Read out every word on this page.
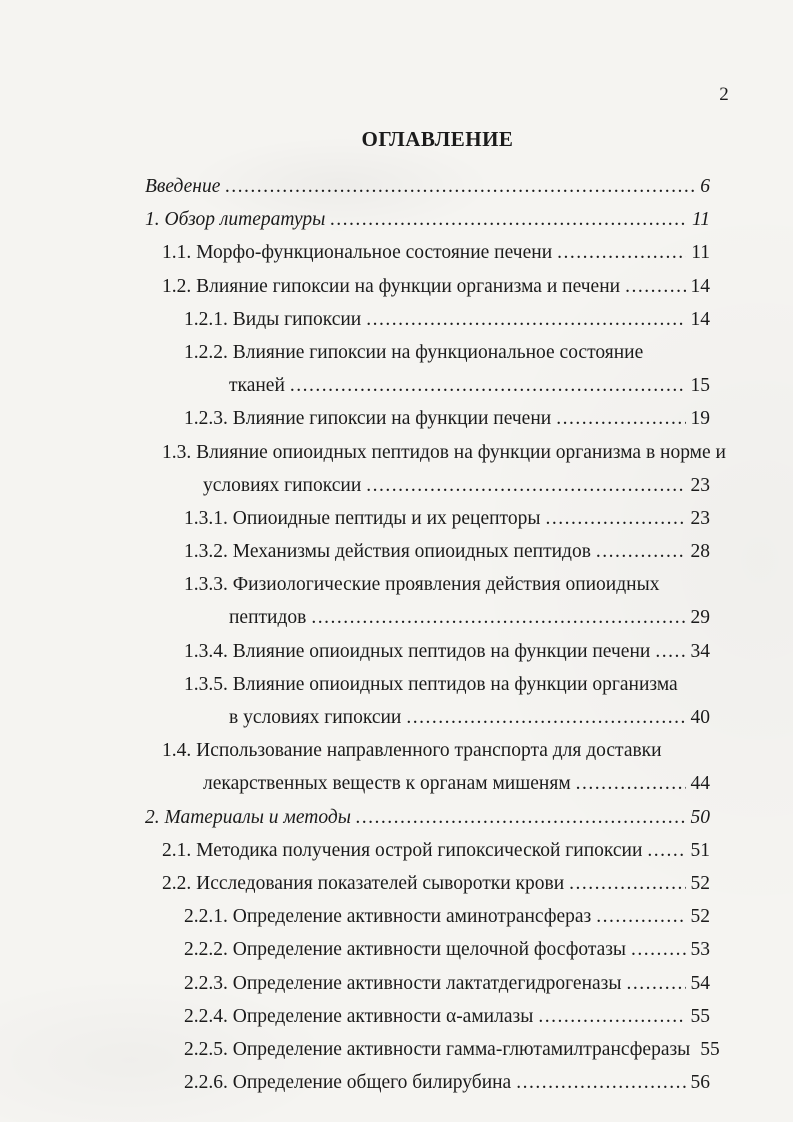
2
ОГЛАВЛЕНИЕ
Введение .....	6
1. Обзор литературы .....	11
1.1. Морфо-функциональное состояние печени .....	11
1.2. Влияние гипоксии на функции организма и печени .....	14
1.2.1. Виды гипоксии .....	14
1.2.2. Влияние гипоксии на функциональное состояние
тканей .....	15
1.2.3. Влияние гипоксии на функции печени .....	19
1.3. Влияние опиоидных пептидов на функции организма в норме и
условиях гипоксии .....	23
1.3.1. Опиоидные пептиды и их рецепторы .....	23
1.3.2. Механизмы действия опиоидных пептидов .....	28
1.3.3. Физиологические проявления действия опиоидных
пептидов .....	29
1.3.4. Влияние опиоидных пептидов на функции печени ..... 34
1.3.5. Влияние опиоидных пептидов на функции организма
в условиях гипоксии .....	40
1.4. Использование направленного транспорта для доставки
лекарственных веществ к органам мишеням .....	44
2. Материалы и методы .....	50
2.1. Методика получения острой гипоксической гипоксии ..... 51
2.2. Исследования показателей сыворотки крови .....	52
2.2.1. Определение активности аминотрансфераз .....	52
2.2.2. Определение активности щелочной фосфотазы .....	53
2.2.3. Определение активности лактатдегидрогеназы .....	54
2.2.4. Определение активности α-амилазы .....	55
2.2.5. Определение активности гамма-глютамилтрансферазы 55
2.2.6. Определение общего билирубина .....	56
